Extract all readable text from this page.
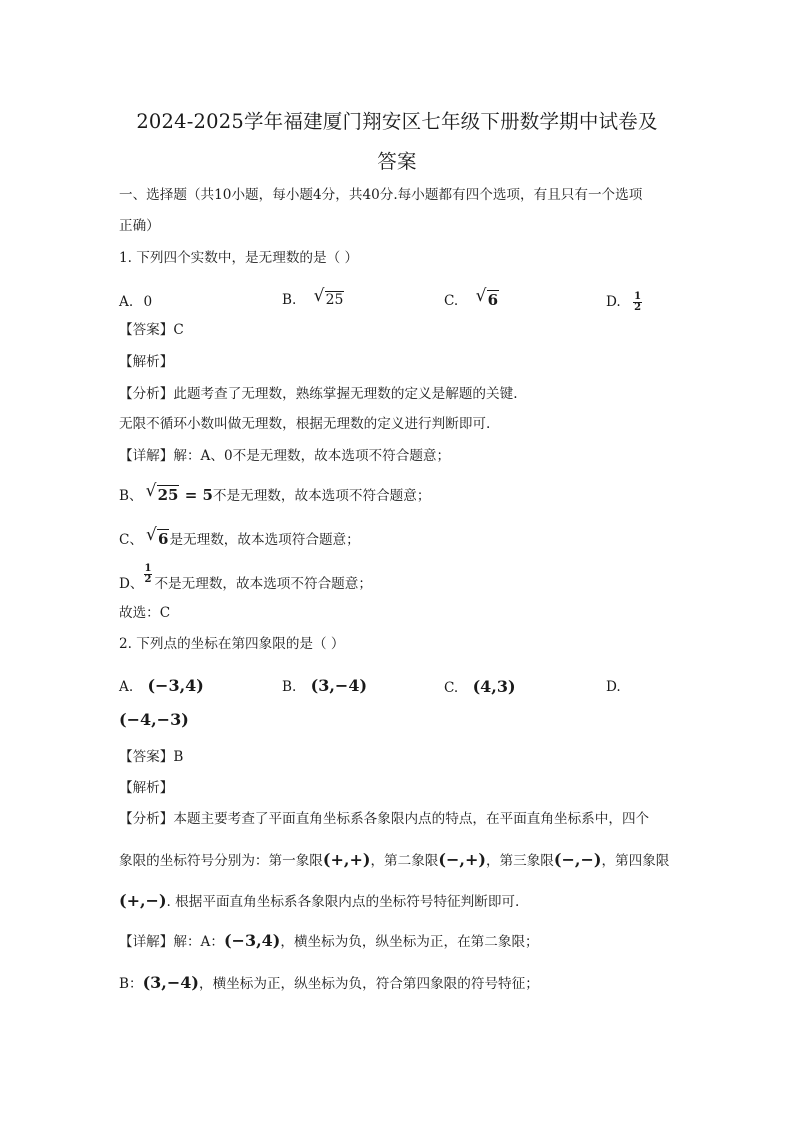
2024-2025学年福建厦门翔安区七年级下册数学期中试卷及
答案
一、选择题（共10小题，每小题4分，共40分.每小题都有四个选项，有且只有一个选项
正确）
1. 下列四个实数中，是无理数的是（ ）
A. 0	B. √ 25	C. √ 6	D. $\frac{1}{2}$
【答案】C
【解析】
【分析】此题考查了无理数，熟练掌握无理数的定义是解题的关键.
无限不循环小数叫做无理数，根据无理数的定义进行判断即可.
【详解】解：A、0不是无理数，故本选项不符合题意；
B、 √ 25 = 5不是无理数，故本选项不符合题意；
C、 √ 6是无理数，故本选项符合题意；
D、 $\frac{1}{2}$ 不是无理数，故本选项不符合题意；
故选：C
2. 下列点的坐标在第四象限的是（ ）
A. (−3,4)	B. (3,−4)	C. (4,3)	D.
(−4,−3)
【答案】B
【解析】
【分析】本题主要考查了平面直角坐标系各象限内点的特点，在平面直角坐标系中，四个
象限的坐标符号分别为：第一象限(+,+)，第二象限(−,+)，第三象限(−,−)，第四象限
(+,−). 根据平面直角坐标系各象限内点的坐标符号特征判断即可.
【详解】解：A：(−3,4)，横坐标为负，纵坐标为正，在第二象限；
B：(3,−4)，横坐标为正，纵坐标为负，符合第四象限的符号特征；
